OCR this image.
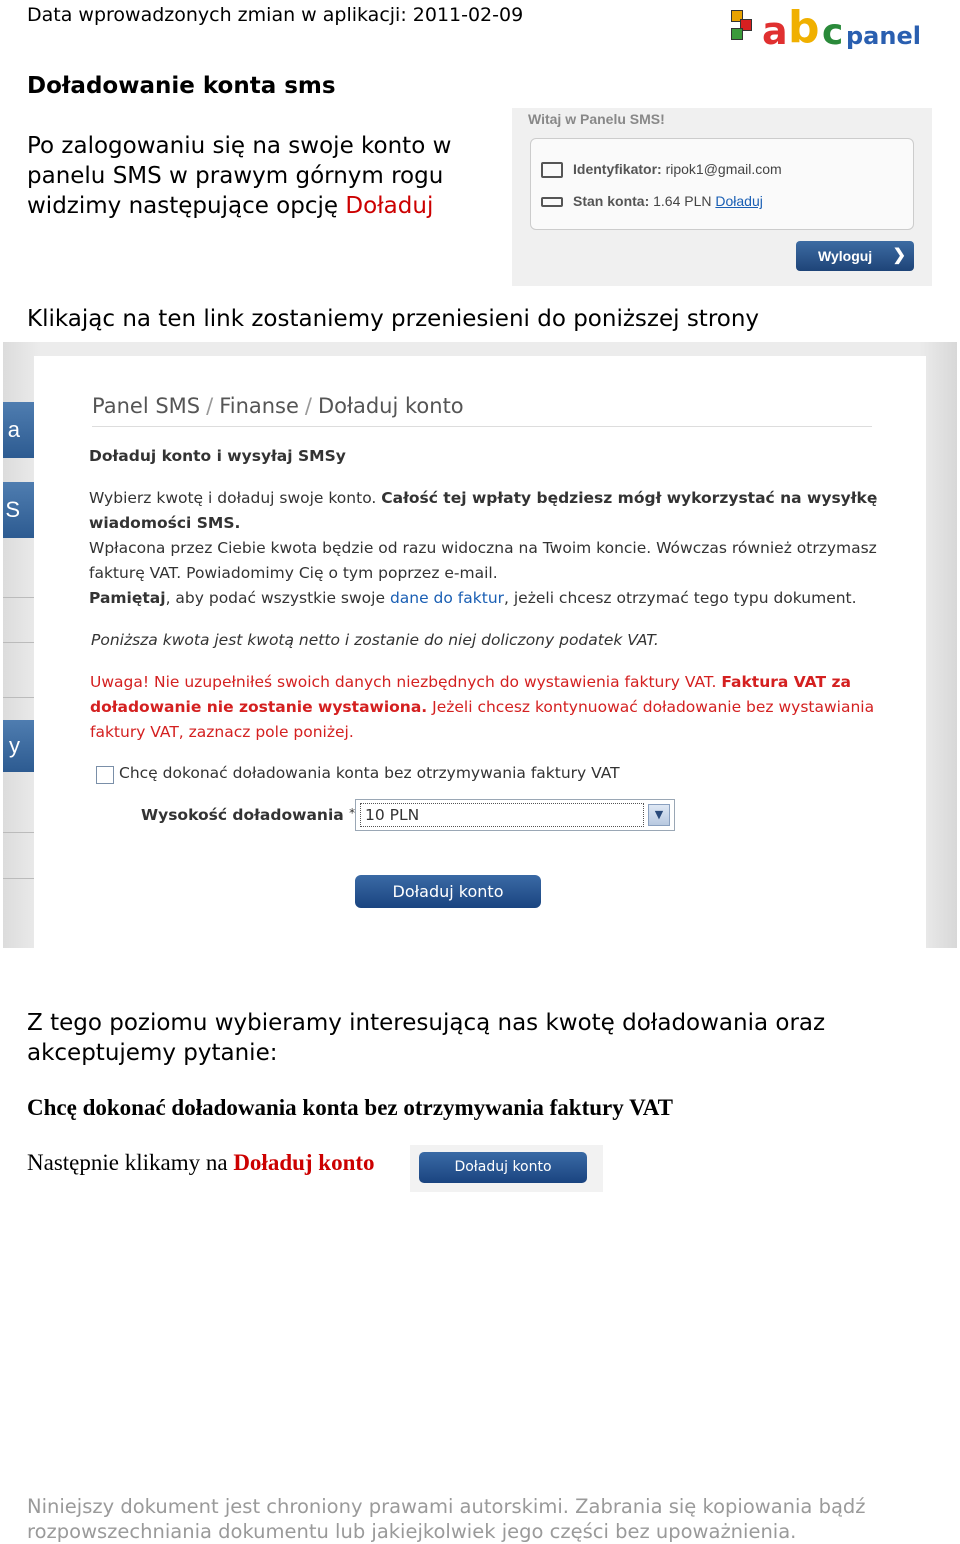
Data wprowadzonych zmian w aplikacji: 2011-02-09	a b c panel
Doładowanie konta sms
Po zalogowaniu się na swoje konto w panelu SMS w prawym górnym rogu widzimy następujące opcję Doładuj
Witaj w Panelu SMS!
Identyfikator: ripok1@gmail.com
Stan konta: 1.64 PLN Doładuj
Wyloguj ❯
Klikając na ten link zostaniemy przeniesieni do poniższej strony
a
S
y
Panel SMS / Finanse / Doładuj konto
Doładuj konto i wysyłaj SMSy
Wybierz kwotę i doładuj swoje konto. Całość tej wpłaty będziesz mógł wykorzystać na wysyłkę
wiadomości SMS.
Wpłacona przez Ciebie kwota będzie od razu widoczna na Twoim koncie. Wówczas również otrzymasz
fakturę VAT. Powiadomimy Cię o tym poprzez e-mail.
Pamiętaj, aby podać wszystkie swoje dane do faktur, jeżeli chcesz otrzymać tego typu dokument.
Poniższa kwota jest kwotą netto i zostanie do niej doliczony podatek VAT.
Uwaga! Nie uzupełniłeś swoich danych niezbędnych do wystawienia faktury VAT. Faktura VAT za
doładowanie nie zostanie wystawiona. Jeżeli chcesz kontynuować doładowanie bez wystawiania
faktury VAT, zaznacz pole poniżej.
Chcę dokonać doładowania konta bez otrzymywania faktury VAT
Wysokość doładowania * 10 PLN	▼
Doładuj konto
Z tego poziomu wybieramy interesującą nas kwotę doładowania oraz akceptujemy pytanie:
Chcę dokonać doładowania konta bez otrzymywania faktury VAT
Następnie klikamy na Doładuj konto	Doładuj konto
Niniejszy dokument jest chroniony prawami autorskimi. Zabrania się kopiowania bądź
rozpowszechniania dokumentu lub jakiejkolwiek jego części bez upoważnienia.
